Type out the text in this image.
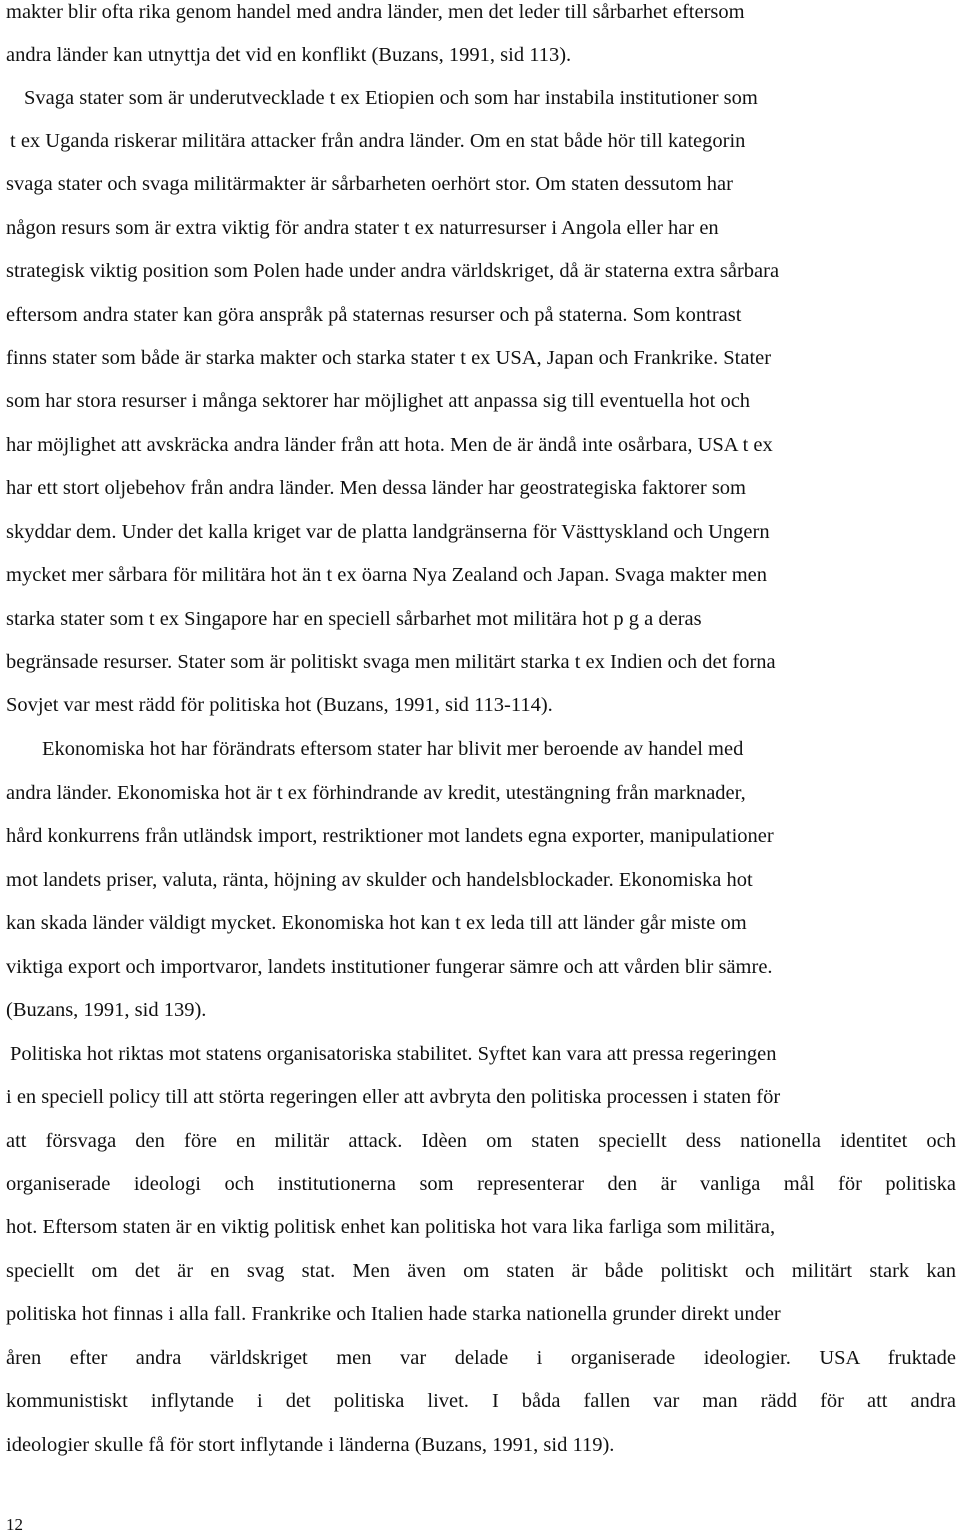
makter blir ofta rika genom handel med andra länder, men det leder till sårbarhet eftersom
andra länder kan utnyttja det vid en konflikt (Buzans, 1991, sid 113).
Svaga stater som är underutvecklade t ex Etiopien och som har instabila institutioner som
t ex Uganda riskerar militära attacker från andra länder. Om en stat både hör till kategorin
svaga stater och svaga militärmakter är sårbarheten oerhört stor. Om staten dessutom har
någon resurs som är extra viktig för andra stater t ex naturresurser i Angola eller har en
strategisk viktig position som Polen hade under andra världskriget, då är staterna extra sårbara
eftersom andra stater kan göra anspråk på staternas resurser och på staterna. Som kontrast
finns stater som både är starka makter och starka stater t ex USA, Japan och Frankrike. Stater
som har stora resurser i många sektorer har möjlighet att anpassa sig till eventuella hot och
har möjlighet att avskräcka andra länder från att hota. Men de är ändå inte osårbara, USA t ex
har ett stort oljebehov från andra länder. Men dessa länder har geostrategiska faktorer som
skyddar dem. Under det kalla kriget var de platta landgränserna för Västtyskland och Ungern
mycket mer sårbara för militära hot än t ex öarna Nya Zealand och Japan. Svaga makter men
starka stater som t ex Singapore har en speciell sårbarhet mot militära hot p g a deras
begränsade resurser. Stater som är politiskt svaga men militärt starka t ex Indien och det forna
Sovjet var mest rädd för politiska hot (Buzans, 1991, sid 113-114).
Ekonomiska hot har förändrats eftersom stater har blivit mer beroende av handel med
andra länder. Ekonomiska hot är t ex förhindrande av kredit, utestängning från marknader,
hård konkurrens från utländsk import, restriktioner mot landets egna exporter, manipulationer
mot landets priser, valuta, ränta, höjning av skulder och handelsblockader. Ekonomiska hot
kan skada länder väldigt mycket. Ekonomiska hot kan t ex leda till att länder går miste om
viktiga export och importvaror, landets institutioner fungerar sämre och att vården blir sämre.
(Buzans, 1991, sid 139).
Politiska hot riktas mot statens organisatoriska stabilitet. Syftet kan vara att pressa regeringen
i en speciell policy till att störta regeringen eller att avbryta den politiska processen i staten för
att försvaga den före en militär attack. Idèen om staten speciellt dess nationella identitet och
organiserade ideologi och institutionerna som representerar den är vanliga mål för politiska
hot. Eftersom staten är en viktig politisk enhet kan politiska hot vara lika farliga som militära,
speciellt om det är en svag stat. Men även om staten är både politiskt och militärt stark kan
politiska hot finnas i alla fall. Frankrike och Italien hade starka nationella grunder direkt under
åren efter andra världskriget men var delade i organiserade ideologier. USA fruktade
kommunistiskt inflytande i det politiska livet. I båda fallen var man rädd för att andra
ideologier skulle få för stort inflytande i länderna (Buzans, 1991, sid 119).
12
